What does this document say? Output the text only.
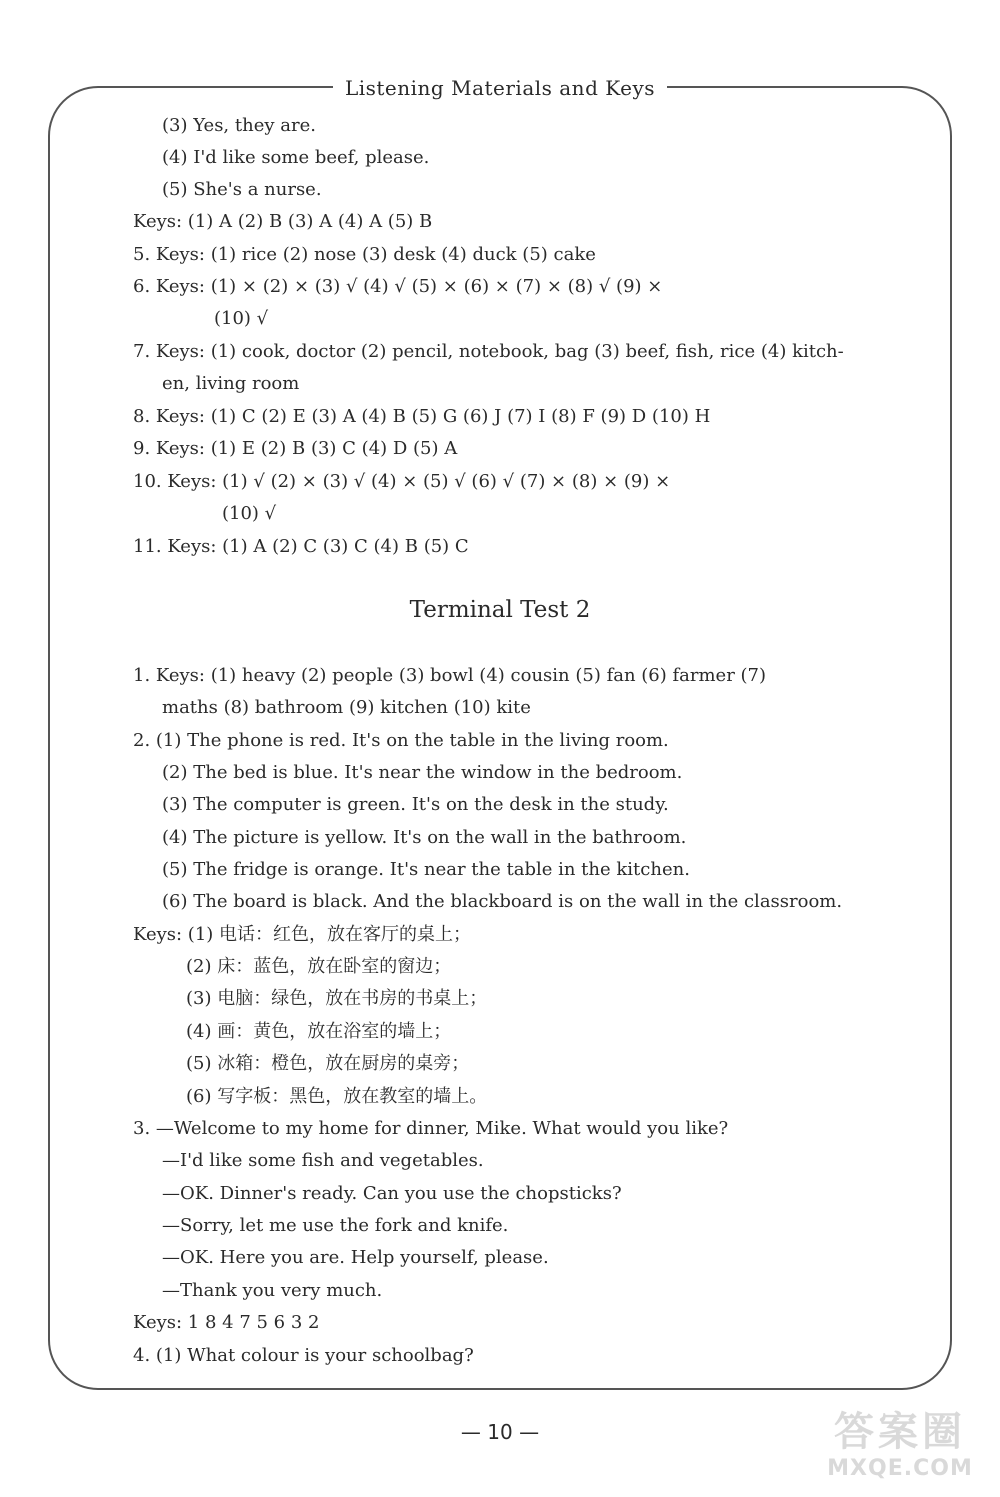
Listening Materials and Keys
(3) Yes, they are.
(4) I'd like some beef, please.
(5) She's a nurse.
Keys: (1) A (2) B (3) A (4) A (5) B
5. Keys: (1) rice (2) nose (3) desk (4) duck (5) cake
6. Keys: (1) × (2) × (3) √ (4) √ (5) × (6) × (7) × (8) √ (9) ×
(10) √
7. Keys: (1) cook, doctor (2) pencil, notebook, bag (3) beef, fish, rice (4) kitch-
en, living room
8. Keys: (1) C (2) E (3) A (4) B (5) G (6) J (7) I (8) F (9) D (10) H
9. Keys: (1) E (2) B (3) C (4) D (5) A
10. Keys: (1) √ (2) × (3) √ (4) × (5) √ (6) √ (7) × (8) × (9) ×
(10) √
11. Keys: (1) A (2) C (3) C (4) B (5) C
Terminal Test 2
1. Keys: (1) heavy (2) people (3) bowl (4) cousin (5) fan (6) farmer (7)
maths (8) bathroom (9) kitchen (10) kite
2. (1) The phone is red. It's on the table in the living room.
(2) The bed is blue. It's near the window in the bedroom.
(3) The computer is green. It's on the desk in the study.
(4) The picture is yellow. It's on the wall in the bathroom.
(5) The fridge is orange. It's near the table in the kitchen.
(6) The board is black. And the blackboard is on the wall in the classroom.
Keys: (1) 电话：红色，放在客厅的桌上；
(2) 床：蓝色，放在卧室的窗边；
(3) 电脑：绿色，放在书房的书桌上；
(4) 画：黄色，放在浴室的墙上；
(5) 冰箱：橙色，放在厨房的桌旁；
(6) 写字板：黑色，放在教室的墙上。
3. —Welcome to my home for dinner, Mike. What would you like?
—I'd like some fish and vegetables.
—OK. Dinner's ready. Can you use the chopsticks?
—Sorry, let me use the fork and knife.
—OK. Here you are. Help yourself, please.
—Thank you very much.
Keys: 1 8 4 7 5 6 3 2
4. (1) What colour is your schoolbag?
— 10 —	答案圈
MXQE.COM
